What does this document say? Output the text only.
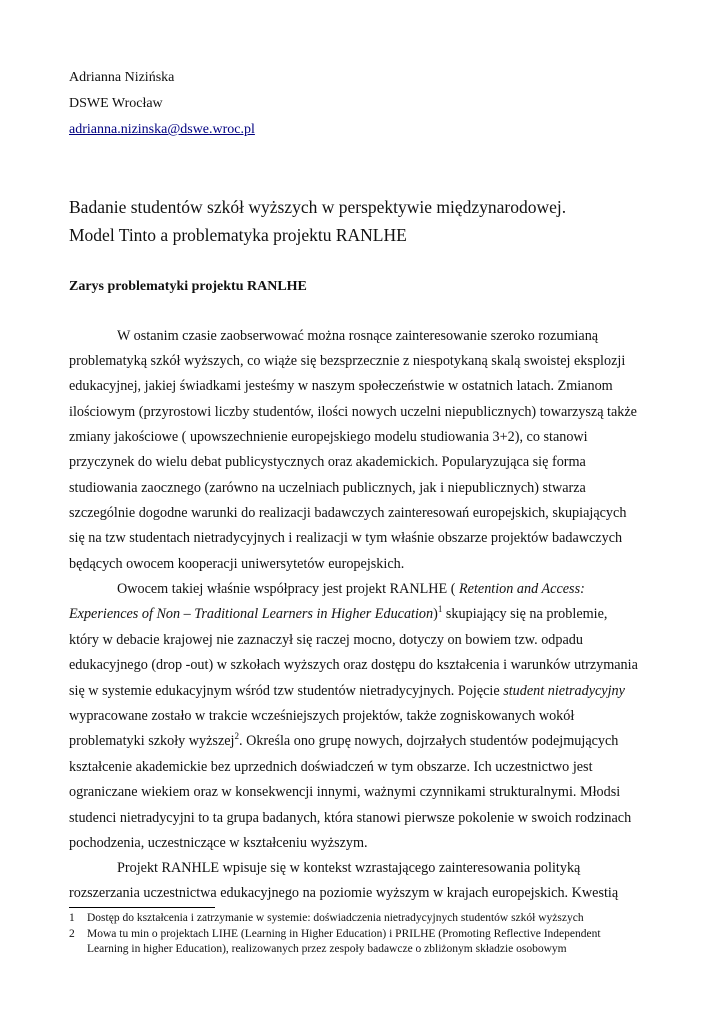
Adrianna Nizińska
DSWE Wrocław
adrianna.nizinska@dswe.wroc.pl
Badanie studentów szkół wyższych w perspektywie międzynarodowej.
Model Tinto a problematyka projektu RANLHE
Zarys problematyki projektu RANLHE
W ostanim czasie zaobserwować można rosnące zainteresowanie szeroko rozumianą
problematyką szkół wyższych, co wiąże się bezsprzecznie z niespotykaną skalą swoistej eksplozji
edukacyjnej, jakiej świadkami jesteśmy w naszym społeczeństwie w ostatnich latach. Zmianom
ilościowym (przyrostowi liczby studentów, ilości nowych uczelni niepublicznych) towarzyszą także
zmiany jakościowe ( upowszechnienie europejskiego modelu studiowania 3+2), co stanowi
przyczynek do wielu debat publicystycznych oraz akademickich. Popularyzująca się forma
studiowania zaocznego (zarówno na uczelniach publicznych, jak i niepublicznych) stwarza
szczególnie dogodne warunki do realizacji badawczych zainteresowań europejskich, skupiających
się na tzw studentach nietradycyjnych i realizacji w tym właśnie obszarze projektów badawczych
będących owocem kooperacji uniwersytetów europejskich.
Owocem takiej właśnie współpracy jest projekt RANLHE ( Retention and Access:
Experiences of Non – Traditional Learners in Higher Education)$^1$ skupiający się na problemie,
który w debacie krajowej nie zaznaczył się raczej mocno, dotyczy on bowiem tzw. odpadu
edukacyjnego (drop -out) w szkołach wyższych oraz dostępu do kształcenia i warunków utrzymania
się w systemie edukacyjnym wśród tzw studentów nietradycyjnych. Pojęcie student nietradycyjny
wypracowane zostało w trakcie wcześniejszych projektów, także zogniskowanych wokół
problematyki szkoły wyższej$^2$. Określa ono grupę nowych, dojrzałych studentów podejmujących
kształcenie akademickie bez uprzednich doświadczeń w tym obszarze. Ich uczestnictwo jest
ograniczane wiekiem oraz w konsekwencji innymi, ważnymi czynnikami strukturalnymi. Młodsi
studenci nietradycyjni to ta grupa badanych, która stanowi pierwsze pokolenie w swoich rodzinach
pochodzenia, uczestniczące w kształceniu wyższym.
Projekt RANHLE wpisuje się w kontekst wzrastającego zainteresowania polityką
rozszerzania uczestnictwa edukacyjnego na poziomie wyższym w krajach europejskich. Kwestią
1 Dostęp do kształcenia i zatrzymanie w systemie: doświadczenia nietradycyjnych studentów szkół wyższych
2 Mowa tu min o projektach LIHE (Learning in Higher Education) i PRILHE (Promoting Reflective Independent
Learning in higher Education), realizowanych przez zespoły badawcze o zbliżonym składzie osobowym
